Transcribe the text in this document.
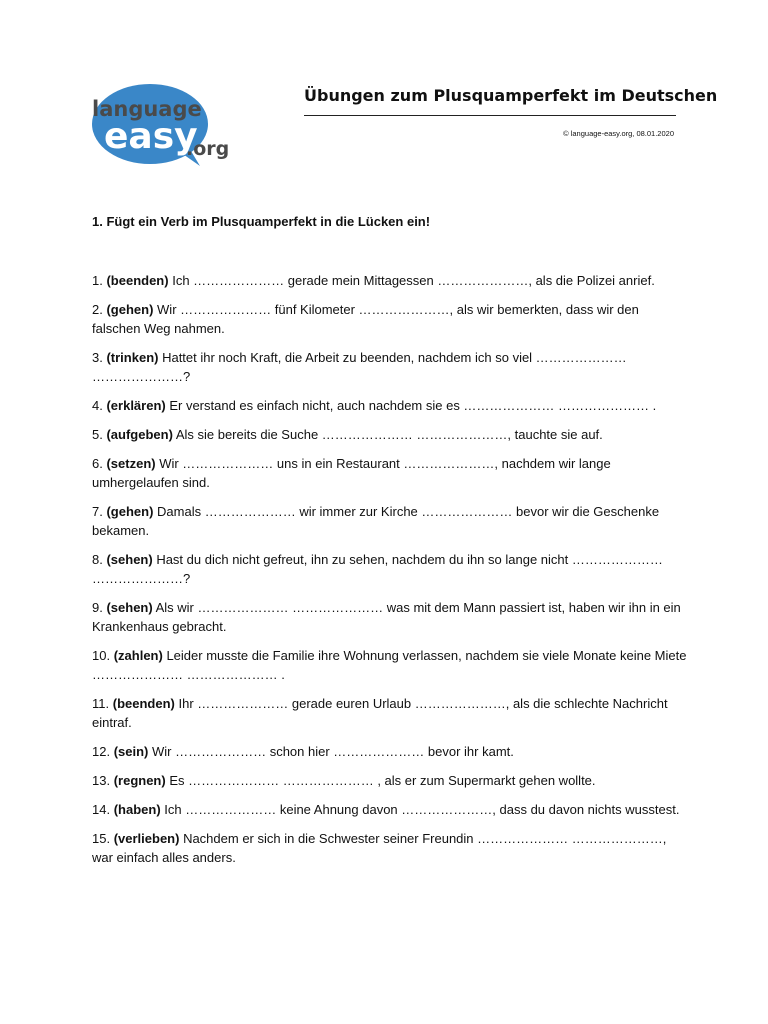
language
easy
.org
Übungen zum Plusquamperfekt im Deutschen
© language-easy.org, 08.01.2020
1. Fügt ein Verb im Plusquamperfekt in die Lücken ein!
1. (beenden) Ich ………………… gerade mein Mittagessen …………………, als die Polizei anrief.
2. (gehen) Wir ………………… fünf Kilometer …………………, als wir bemerkten, dass wir den falschen Weg nahmen.
3. (trinken) Hattet ihr noch Kraft, die Arbeit zu beenden, nachdem ich so viel ………………… …………………?
4. (erklären) Er verstand es einfach nicht, auch nachdem sie es ………………… ………………… .
5. (aufgeben) Als sie bereits die Suche ………………… …………………, tauchte sie auf.
6. (setzen) Wir ………………… uns in ein Restaurant …………………, nachdem wir lange umhergelaufen sind.
7. (gehen) Damals ………………… wir immer zur Kirche ………………… bevor wir die Geschenke bekamen.
8. (sehen) Hast du dich nicht gefreut, ihn zu sehen, nachdem du ihn so lange nicht ………………… …………………?
9. (sehen) Als wir ………………… ………………… was mit dem Mann passiert ist, haben wir ihn in ein Krankenhaus gebracht.
10. (zahlen) Leider musste die Familie ihre Wohnung verlassen, nachdem sie viele Monate keine Miete ………………… ………………… .
11. (beenden) Ihr ………………… gerade euren Urlaub …………………, als die schlechte Nachricht eintraf.
12. (sein) Wir ………………… schon hier ………………… bevor ihr kamt.
13. (regnen) Es ………………… ………………… , als er zum Supermarkt gehen wollte.
14. (haben) Ich ………………… keine Ahnung davon …………………, dass du davon nichts wusstest.
15. (verlieben) Nachdem er sich in die Schwester seiner Freundin ………………… …………………, war einfach alles anders.
